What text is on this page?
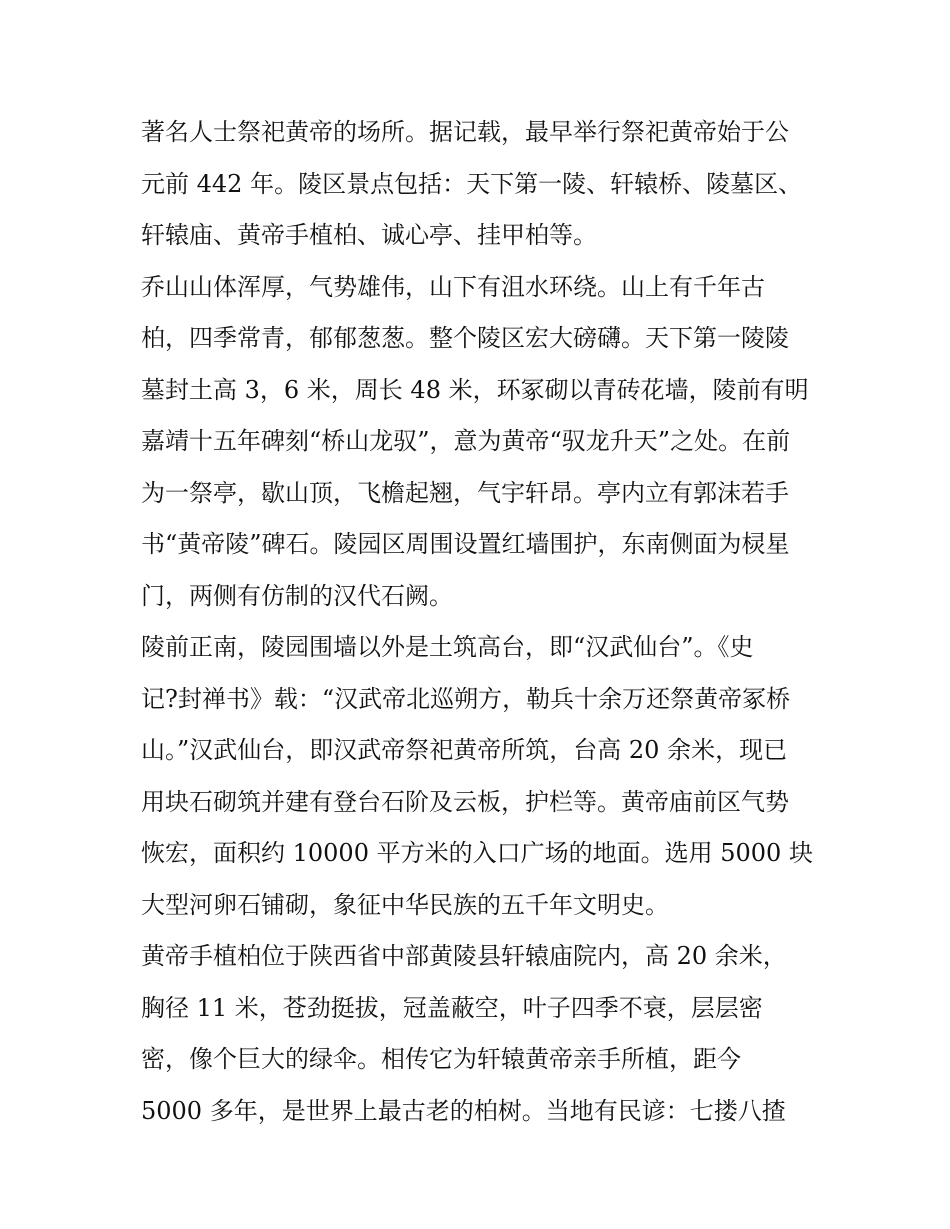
著名人士祭祀黄帝的场所。据记载，最早举行祭祀黄帝始于公
元前 442 年。陵区景点包括：天下第一陵、轩辕桥、陵墓区、
轩辕庙、黄帝手植柏、诚心亭、挂甲柏等。
乔山山体浑厚，气势雄伟，山下有沮水环绕。山上有千年古
柏，四季常青，郁郁葱葱。整个陵区宏大磅礴。天下第一陵陵
墓封土高 3，6 米，周长 48 米，环冢砌以青砖花墙，陵前有明
嘉靖十五年碑刻“桥山龙驭”，意为黄帝“驭龙升天”之处。在前
为一祭亭，歇山顶，飞檐起翘，气宇轩昂。亭内立有郭沫若手
书“黄帝陵”碑石。陵园区周围设置红墙围护，东南侧面为棂星
门，两侧有仿制的汉代石阙。
陵前正南，陵园围墙以外是土筑高台，即“汉武仙台”。《史
记?封禅书》载：“汉武帝北巡朔方，勒兵十余万还祭黄帝冢桥
山。”汉武仙台，即汉武帝祭祀黄帝所筑，台高 20 余米，现已
用块石砌筑并建有登台石阶及云板，护栏等。黄帝庙前区气势
恢宏，面积约 10000 平方米的入口广场的地面。选用 5000 块
大型河卵石铺砌，象征中华民族的五千年文明史。
黄帝手植柏位于陕西省中部黄陵县轩辕庙院内，高 20 余米，
胸径 11 米，苍劲挺拔，冠盖蔽空，叶子四季不衰，层层密
密，像个巨大的绿伞。相传它为轩辕黄帝亲手所植，距今
5000 多年，是世界上最古老的柏树。当地有民谚：七搂八揸
